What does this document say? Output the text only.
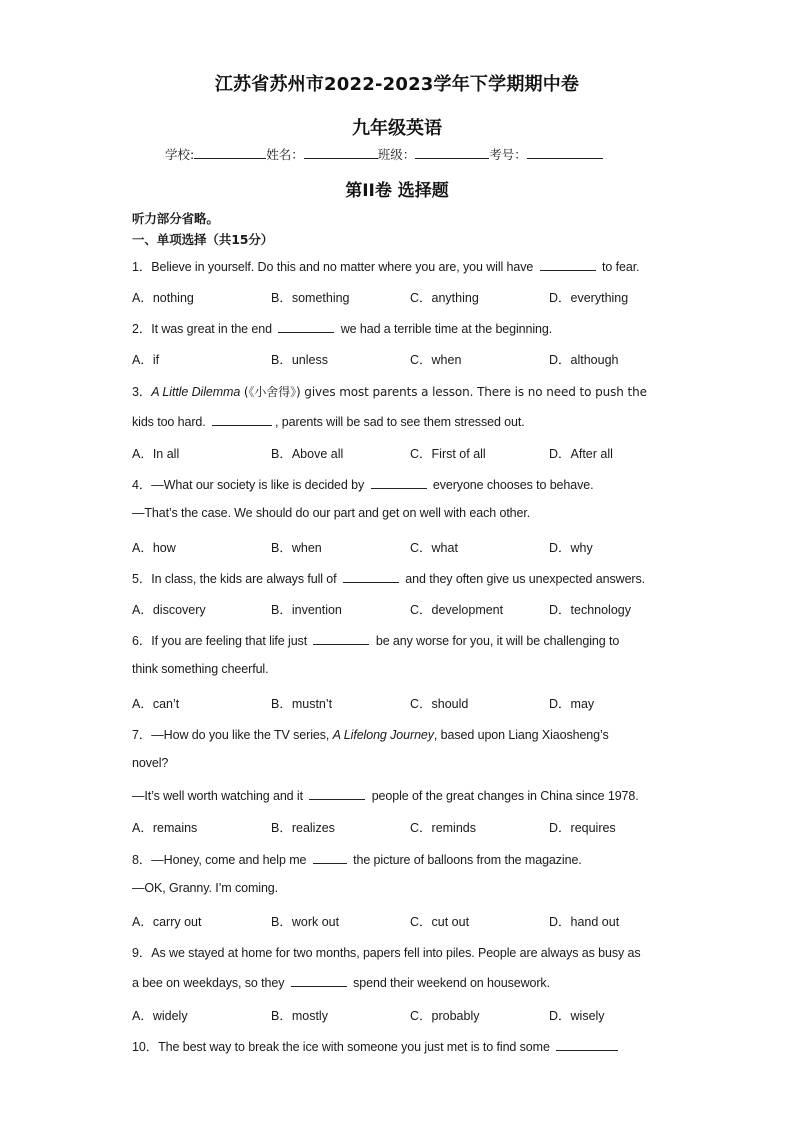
江苏省苏州市2022-2023学年下学期期中卷
九年级英语
学校:	姓名：	班级：	考号：
第II卷 选择题
听力部分省略。
一、单项选择（共15分）
1．Believe in yourself. Do this and no matter where you are, you will have	to fear.
A．nothing	B．something	C．anything	D．everything
2．It was great in the end	we had a terrible time at the beginning.
A．if	B．unless	C．when	D．although
3．A Little Dilemma (《小舍得》) gives most parents a lesson. There is no need to push the
kids too hard.	, parents will be sad to see them stressed out.
A．In all	B．Above all	C．First of all	D．After all
4．—What our society is like is decided by	everyone chooses to behave.
—That’s the case. We should do our part and get on well with each other.
A．how	B．when	C．what	D．why
5．In class, the kids are always full of	and they often give us unexpected answers.
A．discovery	B．invention	C．development	D．technology
6．If you are feeling that life just	be any worse for you, it will be challenging to
think something cheerful.
A．can’t	B．mustn’t	C．should	D．may
7．—How do you like the TV series, A Lifelong Journey, based upon Liang Xiaosheng’s
novel?
—It’s well worth watching and it	people of the great changes in China since 1978.
A．remains	B．realizes	C．reminds	D．requires
8．—Honey, come and help me	the picture of balloons from the magazine.
—OK, Granny. I’m coming.
A．carry out	B．work out	C．cut out	D．hand out
9．As we stayed at home for two months, papers fell into piles. People are always as busy as
a bee on weekdays, so they	spend their weekend on housework.
A．widely	B．mostly	C．probably	D．wisely
10．The best way to break the ice with someone you just met is to find some
